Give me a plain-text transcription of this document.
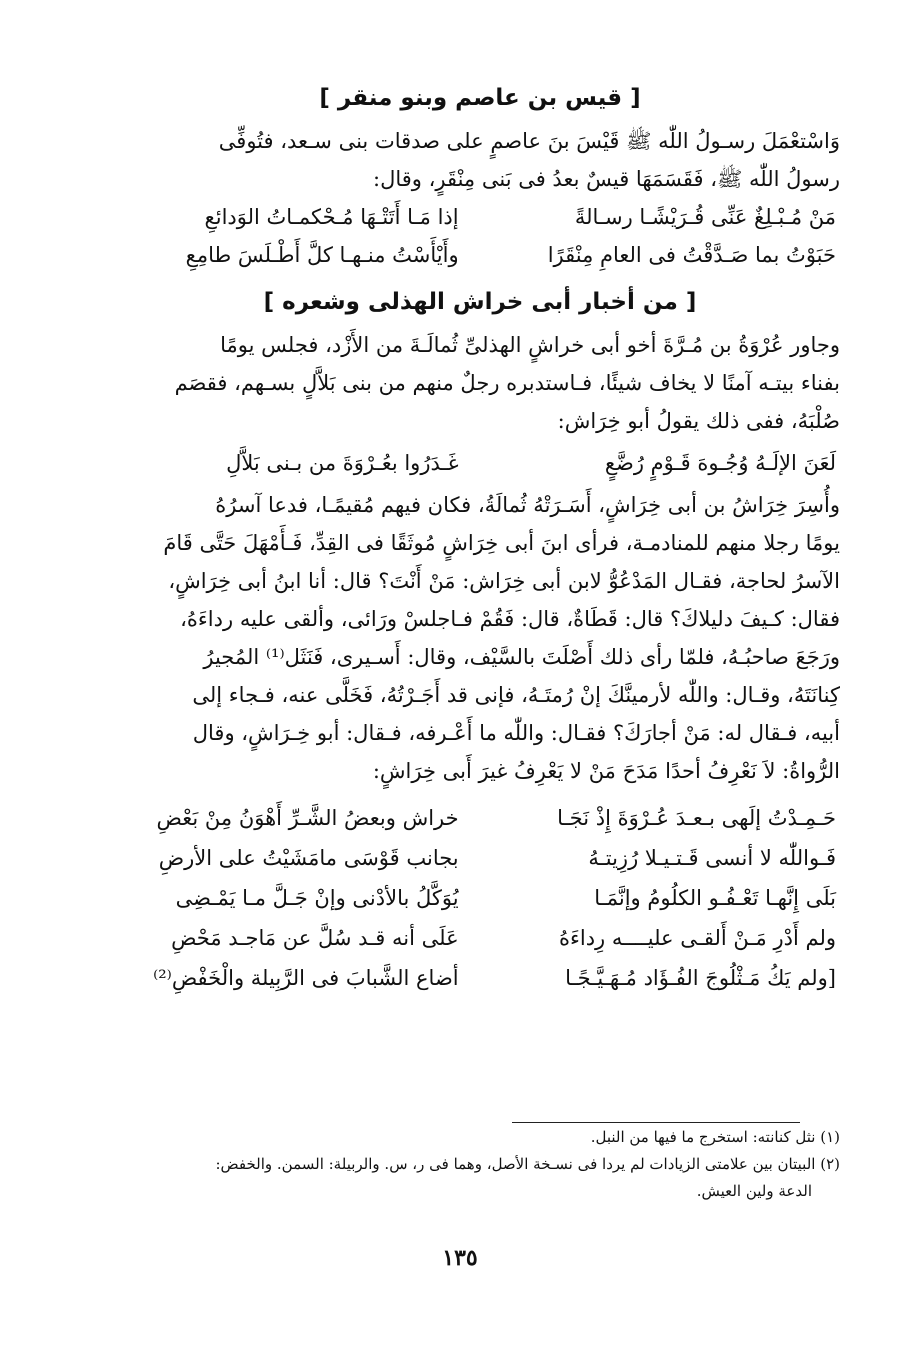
[ قيس بن عاصم وبنو منقر ]

وَاسْتعْمَلَ رسـولُ اللّٰه ﷺ قَيْسَ بنَ عاصمٍ على صدقات بنى سـعد، فتُوفِّى
رسولُ اللّٰه ﷺ، فَقَسَمَهَا قيسٌ بعدُ فى بَنى مِنْقَرٍ، وقال:

مَنْ مُـبْـلِغٌ عَنِّى قُـرَيْشًـا رسـالةً
إذا مَـا أَتَتْـهَا مُـحْكمـاتُ الوَدائعِ
حَبَوْتُ بما صَـدَّقْتُ فى العامِ مِنْقَرًا
وأَيْأَسْتُ منـهـا كلَّ أَطْـلَسَ طامِعِ
[ من أخبار أبى خراش الهذلى وشعره ]

وجاور عُرْوَةُ بن مُـرَّةَ أخو أبى خراشٍ الهذلىِّ ثُمالَـةَ من الأَزْد، فجلس يومًا
بفناء بيتـه آمنًا لا يخاف شيئًا، فـاستدبره رجلٌ منهم من بنى بَلاَّلٍ بسـهم، فقصَم
صُلْبَهُ، ففى ذلك يقولُ أبو خِرَاش:

لَعَنَ الإلَـهُ وُجُـوهَ قَـوْمٍ رُضَّعٍ
غَـدَرُوا بعُـرْوَةَ من بـنى بَلاَّلِ

وأُسِرَ خِرَاشُ بن أبى خِرَاشٍ، أَسَـرَتْهُ ثُمالَةُ، فكان فيهم مُقيمًـا، فدعا آسرُهُ
يومًا رجلا منهم للمنادمـة، فرأى ابنَ أبى خِرَاشٍ مُوثَقًا فى القِدِّ، فَـأَمْهَلَ حَتَّى قَامَ
الآسرُ لحاجة، فقـال المَدْعُوُّ لابن أبى خِرَاش: مَنْ أَنْتَ؟ قال: أنا ابنُ أبى خِرَاشٍ،
فقال: كـيفَ دليلاكَ؟ قال: قَطَاةٌ، قال: فَقُمْ فـاجلسْ ورَائى، وألقى عليه رداءَهُ،
ورَجَعَ صاحبُـهُ، فلمّا رأى ذلك أَصْلَتَ بالسَّيْف، وقال: أَسـيرى، فَنَثَل⁽¹⁾ المُجيرُ
كِنانَتَهُ، وقـال: واللّٰه لأرمينَّكَ إنْ رُمتَـهُ، فإنى قد أَجَـرْتُهُ، فَخَلَّى عنه، فـجاء إلى
أبيه، فـقال له: مَنْ أجارَكَ؟ فقـال: واللّٰه ما أَعْـرفه، فـقال: أبو خِـرَاشٍ، وقال
الرُّواةُ: لاَ نَعْرِفُ أحدًا مَدَحَ مَنْ لا يَعْرِفُ غيرَ أَبى خِرَاشٍ:

حَـمِـدْتُ إلَهى بـعـدَ عُـرْوَةَ إِذْ نَجَـا
خراش وبعضُ الشَّـرِّ أَهْوَنُ مِنْ بَعْضِ
فَـواللّٰه لا أنسى قَـتـيـلا رُزِيتـهُ
بجانب قَوْسَى مامَشَيْتُ على الأرضِ
بَلَى إِنَّهـا تَعْـفُـو الكلُومُ وإنَّمَـا
يُوَكَّلُ بالأدْنى وإنْ جَـلَّ مـا يَمْـضِى
ولم أَدْرِ مَـنْ أَلقـى عليــــه رِداءَهُ
عَلَى أنه قـد سُلَّ عن مَاجـد مَحْضِ
[ولم يَكُ مَـثْلُوجَ الفُـؤَاد مُـهَـيَّـجًـا
أضاع الشَّبابَ فى الرَّبِيلة والْخَفْضِ⁽²⁾

(١) نثل كنانته: استخرج ما فيها من النبل.

(٢) البيتان بين علامتى الزيادات لم يردا فى نسـخة الأصل، وهما فى ر، س. والربيلة: السمن. والخفض:

الدعة ولين العيش.

١٣٥
